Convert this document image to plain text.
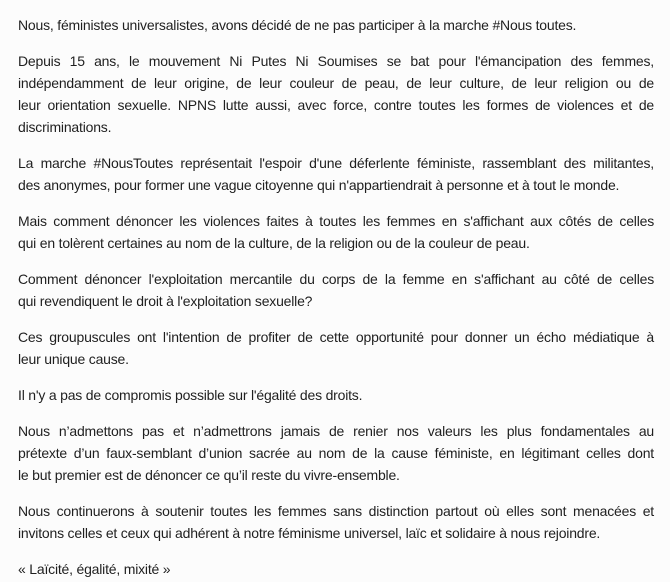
Nous, féministes universalistes, avons décidé de ne pas participer à la marche #Nous toutes.
Depuis 15 ans, le mouvement Ni Putes Ni Soumises se bat pour l'émancipation des femmes,
indépendamment de leur origine, de leur couleur de peau, de leur culture, de leur religion ou de
leur orientation sexuelle. NPNS lutte aussi, avec force, contre toutes les formes de violences et de
discriminations.
La marche #NousToutes représentait l'espoir d'une déferlente féministe, rassemblant des militantes,
des anonymes, pour former une vague citoyenne qui n'appartiendrait à personne et à tout le monde.
Mais comment dénoncer les violences faites à toutes les femmes en s'affichant aux côtés de celles
qui en tolèrent certaines au nom de la culture, de la religion ou de la couleur de peau.
Comment dénoncer l'exploitation mercantile du corps de la femme en s'affichant au côté de celles
qui revendiquent le droit à l'exploitation sexuelle?
Ces groupuscules ont l'intention de profiter de cette opportunité pour donner un écho médiatique à
leur unique cause.
Il n'y a pas de compromis possible sur l'égalité des droits.
Nous n’admettons pas et n’admettrons jamais de renier nos valeurs les plus fondamentales au
prétexte d’un faux-semblant d’union sacrée au nom de la cause féministe, en légitimant celles dont
le but premier est de dénoncer ce qu’il reste du vivre-ensemble.
Nous continuerons à soutenir toutes les femmes sans distinction partout où elles sont menacées et
invitons celles et ceux qui adhérent à notre féminisme universel, laïc et solidaire à nous rejoindre.
« Laïcité, égalité, mixité »
